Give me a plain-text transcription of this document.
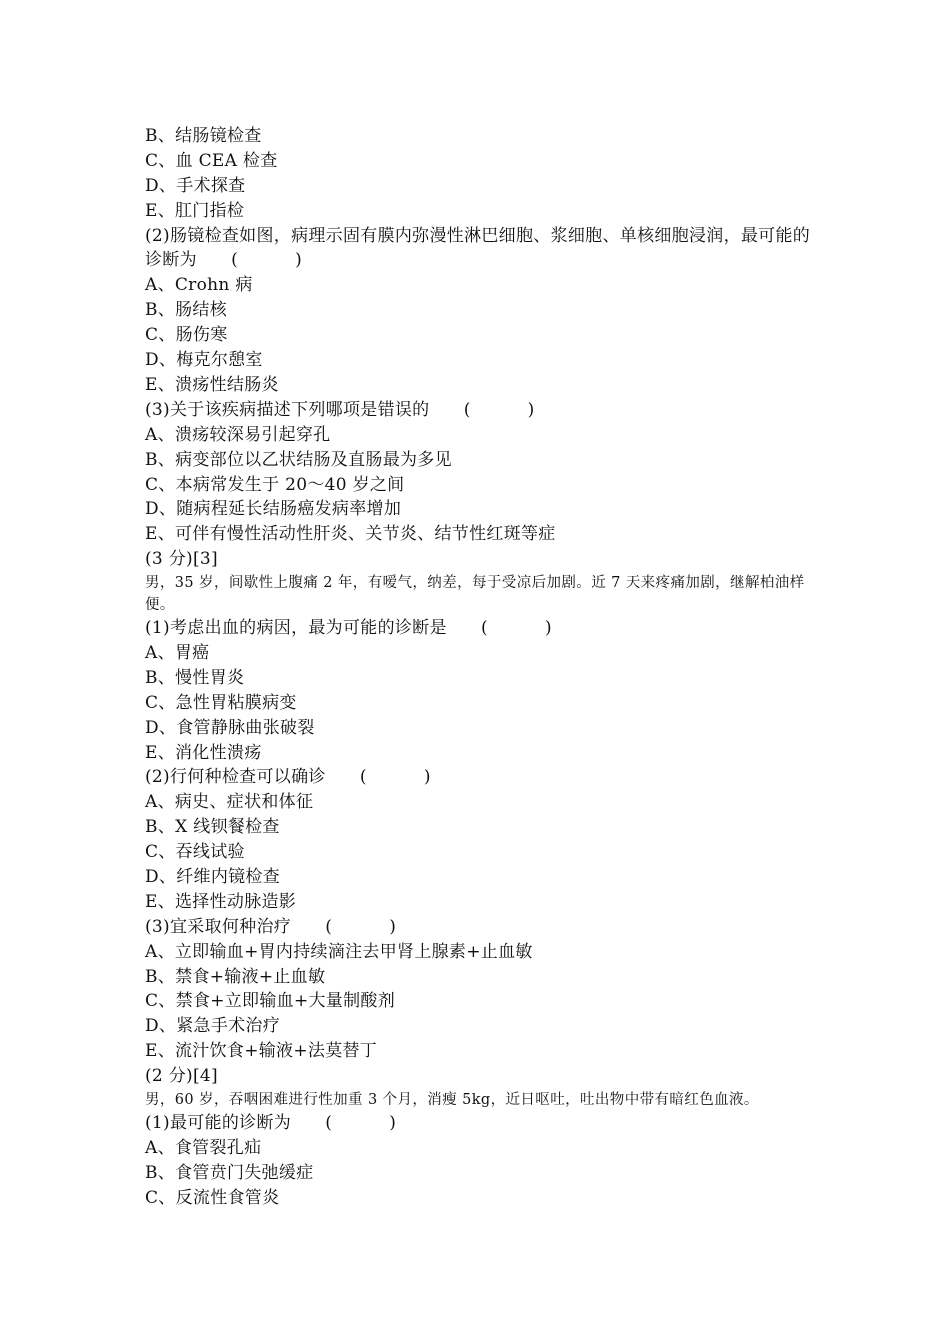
B、结肠镜检查
C、血 CEA 检查
D、手术探查
E、肛门指检
(2)肠镜检查如图，病理示固有膜内弥漫性淋巴细胞、浆细胞、单核细胞浸润，最可能的诊断为      (          )
A、Crohn 病
B、肠结核
C、肠伤寒
D、梅克尔憩室
E、溃疡性结肠炎
(3)关于该疾病描述下列哪项是错误的      (          )
A、溃疡较深易引起穿孔
B、病变部位以乙状结肠及直肠最为多见
C、本病常发生于 20～40 岁之间
D、随病程延长结肠癌发病率增加
E、可伴有慢性活动性肝炎、关节炎、结节性红斑等症
(3 分)[3]
男，35 岁，间歇性上腹痛 2 年，有嗳气，纳差，每于受凉后加剧。近 7 天来疼痛加剧，继解柏油样便。
(1)考虑出血的病因，最为可能的诊断是      (          )
A、胃癌
B、慢性胃炎
C、急性胃粘膜病变
D、食管静脉曲张破裂
E、消化性溃疡
(2)行何种检查可以确诊      (          )
A、病史、症状和体征
B、X 线钡餐检查
C、吞线试验
D、纤维内镜检查
E、选择性动脉造影
(3)宜采取何种治疗      (          )
A、立即输血+胃内持续滴注去甲肾上腺素+止血敏
B、禁食+输液+止血敏
C、禁食+立即输血+大量制酸剂
D、紧急手术治疗
E、流汁饮食+输液+法莫替丁
(2 分)[4]
男，60 岁，吞咽困难进行性加重 3 个月，消瘦 5kg，近日呕吐，吐出物中带有暗红色血液。
(1)最可能的诊断为      (          )
A、食管裂孔疝
B、食管贲门失弛缓症
C、反流性食管炎
